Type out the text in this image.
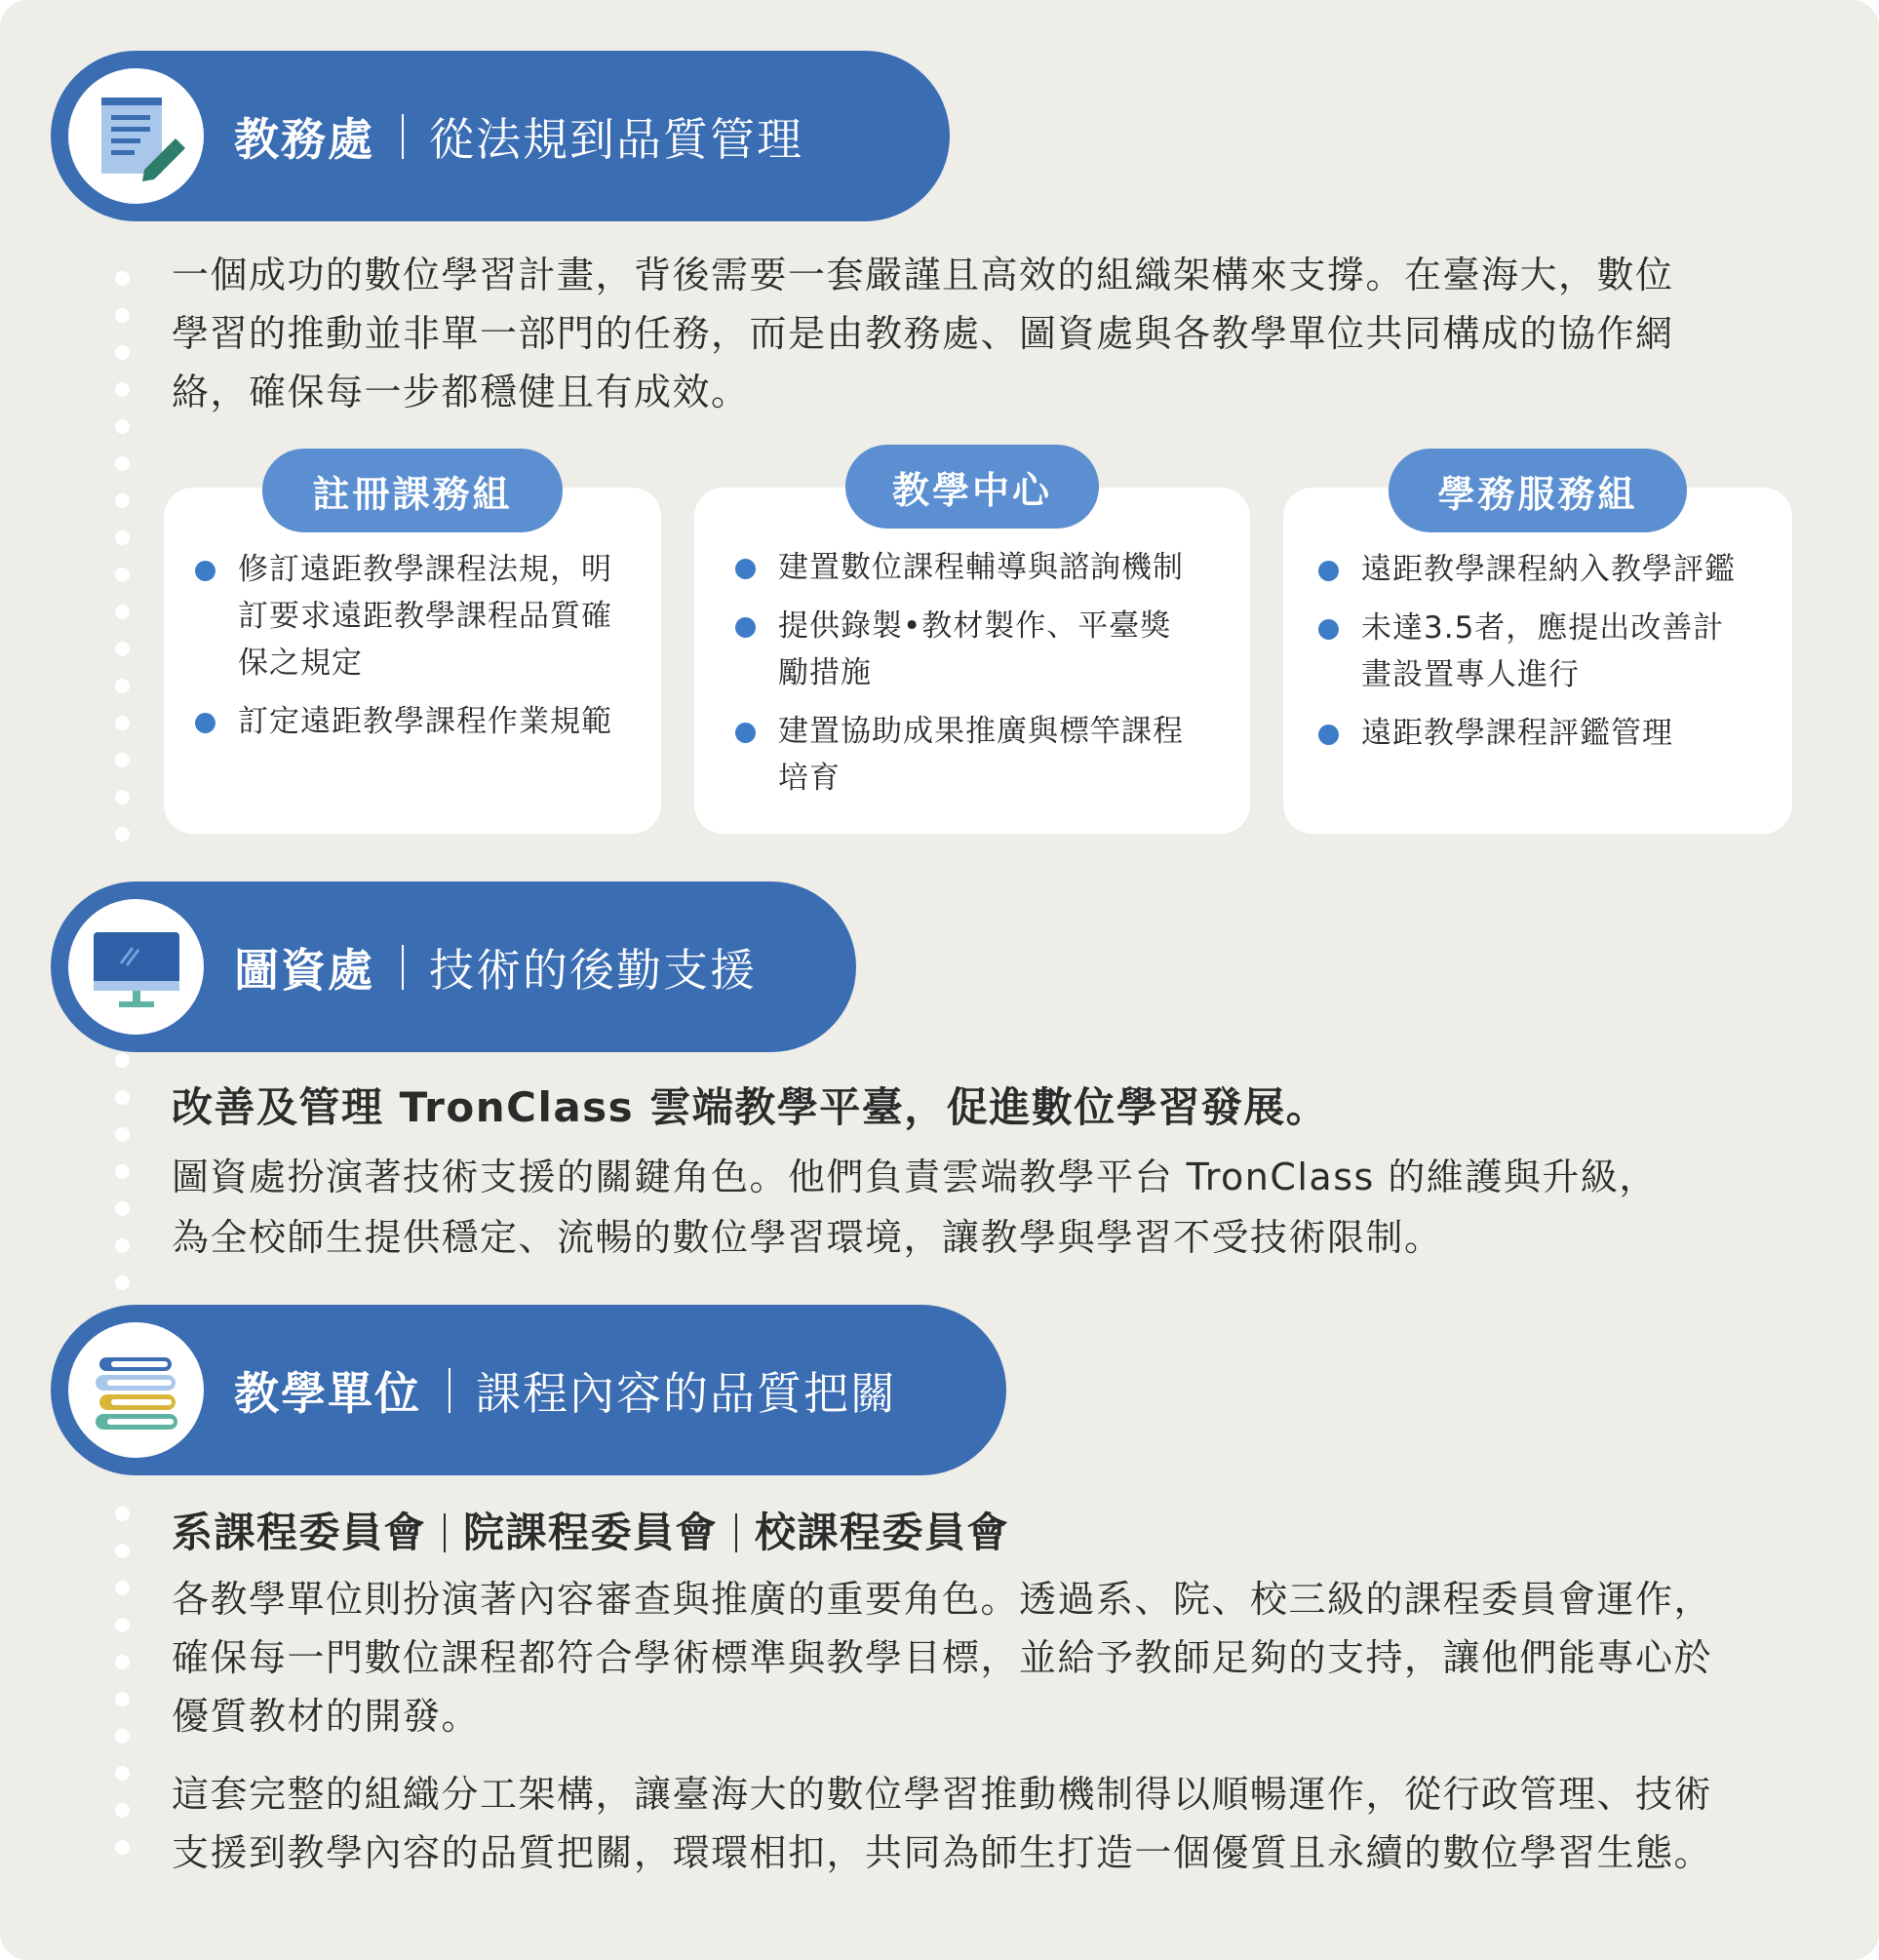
教務處 從法規到品質管理
一個成功的數位學習計畫，背後需要一套嚴謹且高效的組織架構來支撐。在臺海大，數位
學習的推動並非單一部門的任務，而是由教務處、圖資處與各教學單位共同構成的協作網
絡，確保每一步都穩健且有成效。
修訂遠距教學課程法規，明
訂要求遠距教學課程品質確
保之規定
訂定遠距教學課程作業規範
註冊課務組
建置數位課程輔導與諮詢機制
提供錄製•教材製作、平臺獎
勵措施
建置協助成果推廣與標竿課程
培育
教學中心
遠距教學課程納入教學評鑑
未達3.5者，應提出改善計
畫設置專人進行
遠距教學課程評鑑管理
學務服務組
圖資處 技術的後勤支援
改善及管理 TronClass 雲端教學平臺，促進數位學習發展。
圖資處扮演著技術支援的關鍵角色。他們負責雲端教學平台 TronClass 的維護與升級，
為全校師生提供穩定、流暢的數位學習環境，讓教學與學習不受技術限制。
教學單位 課程內容的品質把關
系課程委員會 院課程委員會 校課程委員會
各教學單位則扮演著內容審查與推廣的重要角色。透過系、院、校三級的課程委員會運作，
確保每一門數位課程都符合學術標準與教學目標，並給予教師足夠的支持，讓他們能專心於
優質教材的開發。
這套完整的組織分工架構，讓臺海大的數位學習推動機制得以順暢運作，從行政管理、技術
支援到教學內容的品質把關，環環相扣，共同為師生打造一個優質且永續的數位學習生態。
